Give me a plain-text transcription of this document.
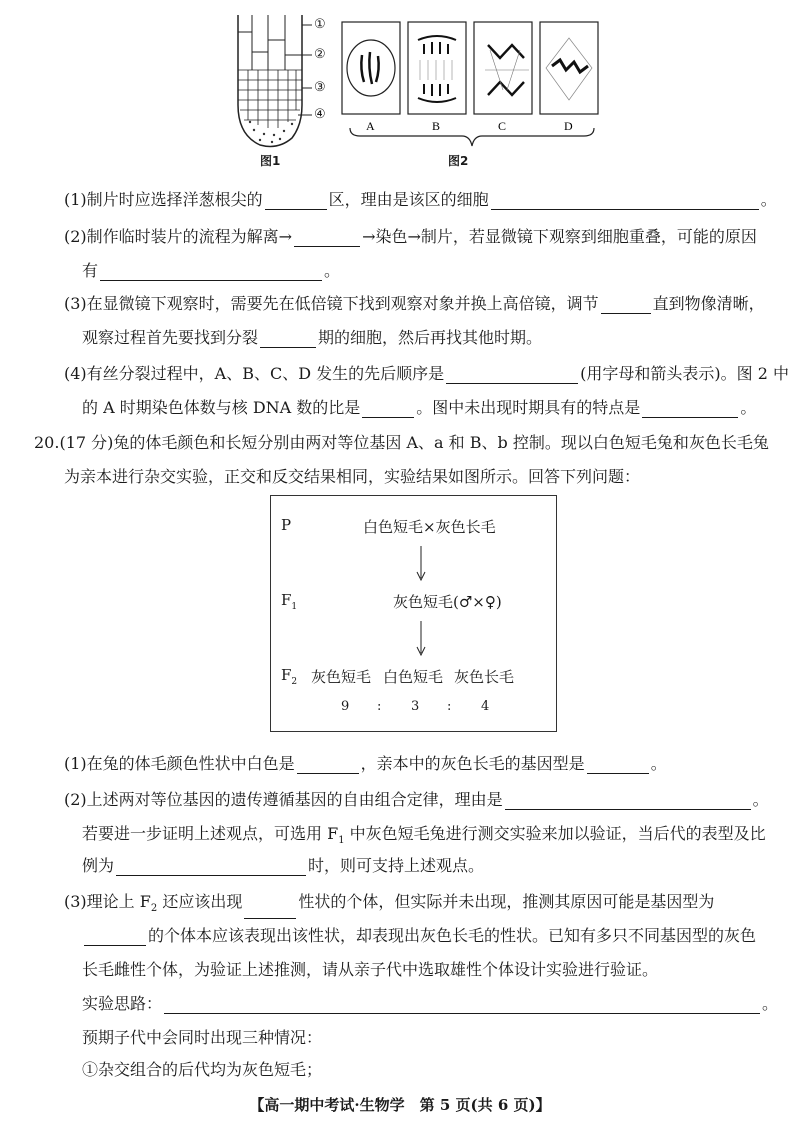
①
②
③
④
A	B	C	D
图1	图2
(1)制片时应选择洋葱根尖的	区，理由是该区的细胞	。
(2)制作临时装片的流程为解离→	→染色→制片，若显微镜下观察到细胞重叠，可能的原因
有	。
(3)在显微镜下观察时，需要先在低倍镜下找到观察对象并换上高倍镜，调节	直到物像清晰，
观察过程首先要找到分裂	期的细胞，然后再找其他时期。
(4)有丝分裂过程中，A、B、C、D 发生的先后顺序是	(用字母和箭头表示)。图 2 中
的 A 时期染色体数与核 DNA 数的比是	。图中未出现时期具有的特点是	。
20.(17 分)兔的体毛颜色和长短分别由两对等位基因 A、a 和 B、b 控制。现以白色短毛兔和灰色长毛兔
为亲本进行杂交实验，正交和反交结果相同，实验结果如图所示。回答下列问题：
P	白色短毛×灰色长毛
$F_1$	灰色短毛(♂×♀)
$F_2$ 灰色短毛 白色短毛 灰色长毛
9 : 3 : 4
(1)在兔的体毛颜色性状中白色是	，亲本中的灰色长毛的基因型是	。
(2)上述两对等位基因的遗传遵循基因的自由组合定律，理由是	。
若要进一步证明上述观点，可选用 $F_1$ 中灰色短毛兔进行测交实验来加以验证，当后代的表型及比
例为	时，则可支持上述观点。
(3)理论上 $F_2$ 还应该出现	性状的个体，但实际并未出现，推测其原因可能是基因型为
的个体本应该表现出该性状，却表现出灰色长毛的性状。已知有多只不同基因型的灰色
长毛雌性个体，为验证上述推测，请从亲子代中选取雄性个体设计实验进行验证。
实验思路：	。
预期子代中会同时出现三种情况：
①杂交组合的后代均为灰色短毛；
【高一期中考试·生物学　第 5 页(共 6 页)】
